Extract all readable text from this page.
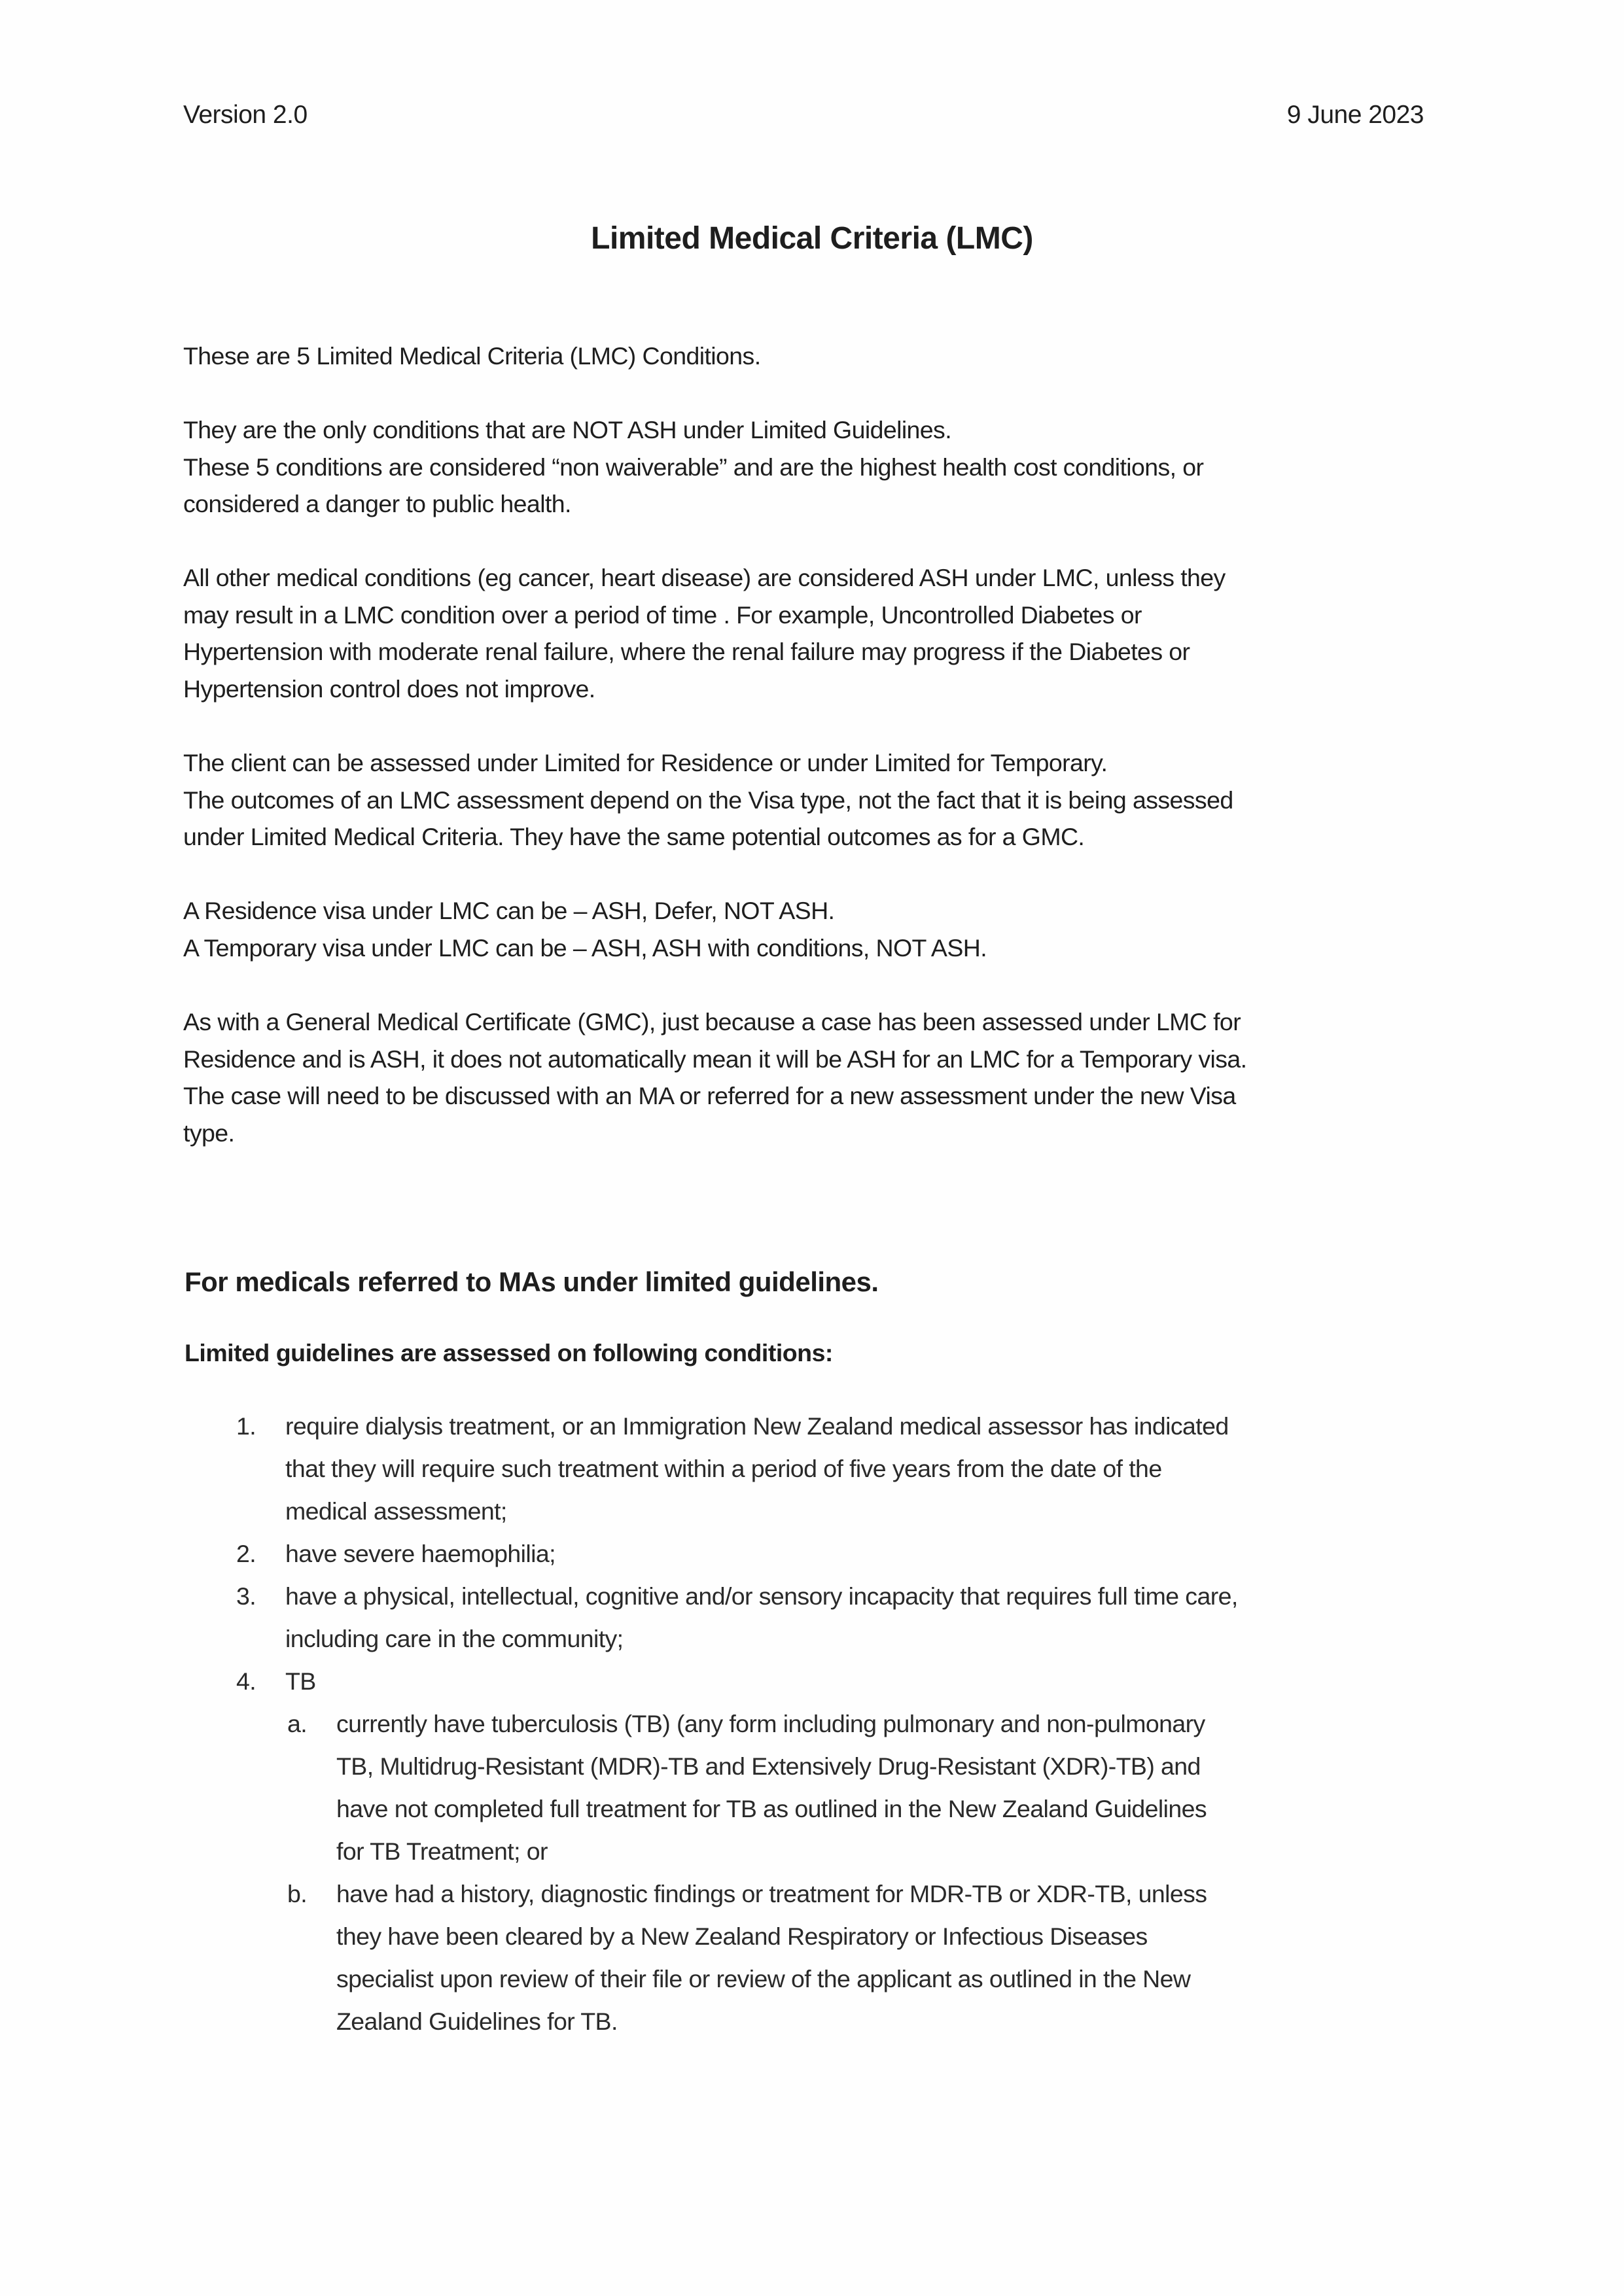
Version 2.0	9 June 2023
Limited Medical Criteria (LMC)

These are 5 Limited Medical Criteria (LMC) Conditions.

They are the only conditions that are NOT ASH under Limited Guidelines.

These 5 conditions are considered “non waiverable” and are the highest health cost conditions, or

considered a danger to public health.

All other medical conditions (eg cancer, heart disease) are considered ASH under LMC, unless they

may result in a LMC condition over a period of time . For example, Uncontrolled Diabetes or

Hypertension with moderate renal failure, where the renal failure may progress if the Diabetes or

Hypertension control does not improve.

The client can be assessed under Limited for Residence or under Limited for Temporary.

The outcomes of an LMC assessment depend on the Visa type, not the fact that it is being assessed

under Limited Medical Criteria. They have the same potential outcomes as for a GMC.

A Residence visa under LMC can be – ASH, Defer, NOT ASH.

A Temporary visa under LMC can be – ASH, ASH with conditions, NOT ASH.

As with a General Medical Certificate (GMC), just because a case has been assessed under LMC for

Residence and is ASH, it does not automatically mean it will be ASH for an LMC for a Temporary visa.

The case will need to be discussed with an MA or referred for a new assessment under the new Visa

type.

For medicals referred to MAs under limited guidelines.
Limited guidelines are assessed on following conditions:
1. require dialysis treatment, or an Immigration New Zealand medical assessor has indicated
that they will require such treatment within a period of five years from the date of the
medical assessment;
2. have severe haemophilia;
3. have a physical, intellectual, cognitive and/or sensory incapacity that requires full time care,
including care in the community;
4. TB
a. currently have tuberculosis (TB) (any form including pulmonary and non-pulmonary
TB, Multidrug-Resistant (MDR)-TB and Extensively Drug-Resistant (XDR)-TB) and
have not completed full treatment for TB as outlined in the New Zealand Guidelines
for TB Treatment; or
b. have had a history, diagnostic findings or treatment for MDR-TB or XDR-TB, unless
they have been cleared by a New Zealand Respiratory or Infectious Diseases
specialist upon review of their file or review of the applicant as outlined in the New
Zealand Guidelines for TB.
